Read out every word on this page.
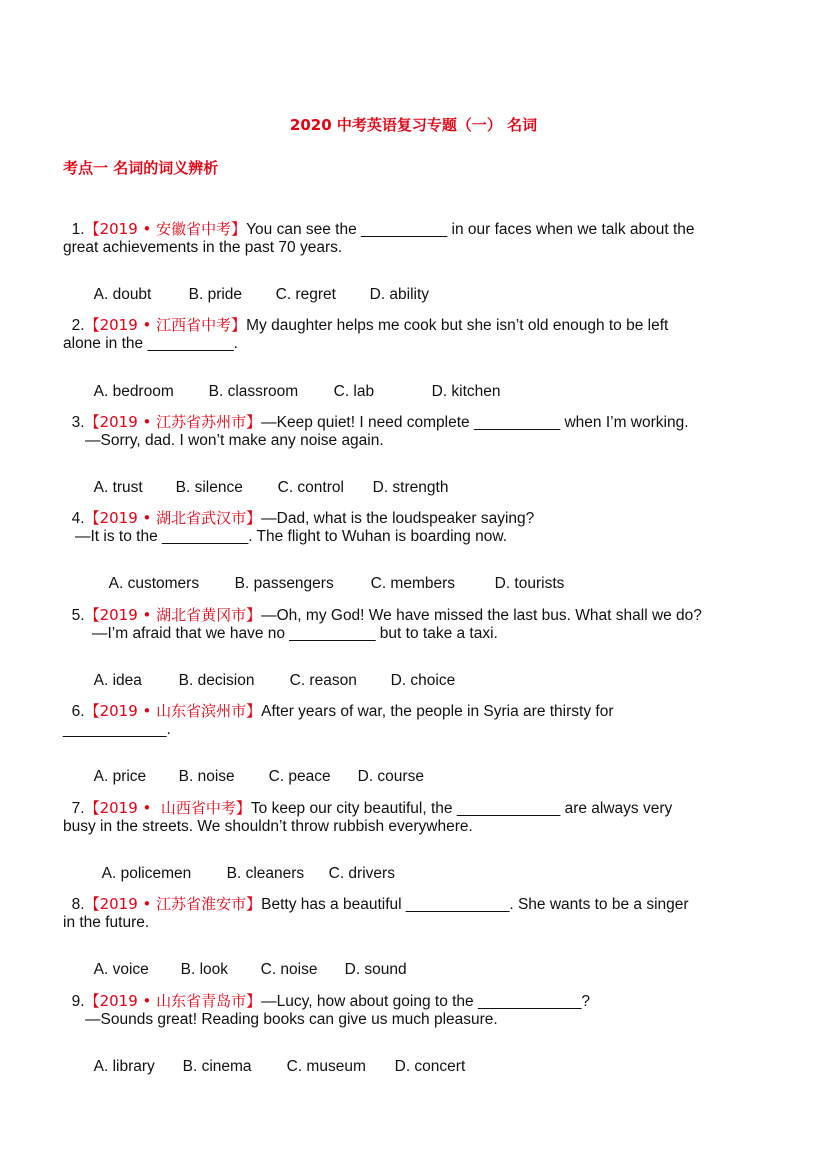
2020 中考英语复习专题（一） 名词
考点一 名词的词义辨析

1.【2019 • 安徽省中考】You can see the __________ in our faces when we talk about the

great achievements in the past 70 years.

A. doubt B. pride C. regret D. ability

2.【2019 • 江西省中考】My daughter helps me cook but she isn’t old enough to be left

alone in the __________.

A. bedroom B. classroom C. lab	D. kitchen

3.【2019 • 江苏省苏州市】—Keep quiet! I need complete __________ when I’m working.

—Sorry, dad. I won’t make any noise again.

A. trust B. silence C. control D. strength

4.【2019 • 湖北省武汉市】—Dad, what is the loudspeaker saying?

—It is to the __________. The flight to Wuhan is boarding now.

A. customers B. passengers C. members	D. tourists

5.【2019 • 湖北省黄冈市】—Oh, my God! We have missed the last bus. What shall we do?

—I’m afraid that we have no __________ but to take a taxi.

A. idea B. decision C. reason D. choice

6.【2019 • 山东省滨州市】After years of war, the people in Syria are thirsty for

____________.

A. price B. noise C. peace D. course

7.【2019 •  山西省中考】To keep our city beautiful, the ____________ are always very

busy in the streets. We shouldn’t throw rubbish everywhere.

A. policemen B. cleaners C. drivers

8.【2019 • 江苏省淮安市】Betty has a beautiful ____________. She wants to be a singer

in the future.

A. voice B. look C. noise D. sound

9.【2019 • 山东省青岛市】—Lucy, how about going to the ____________?

—Sounds great! Reading books can give us much pleasure.

A. library B. cinema C. museum D. concert
